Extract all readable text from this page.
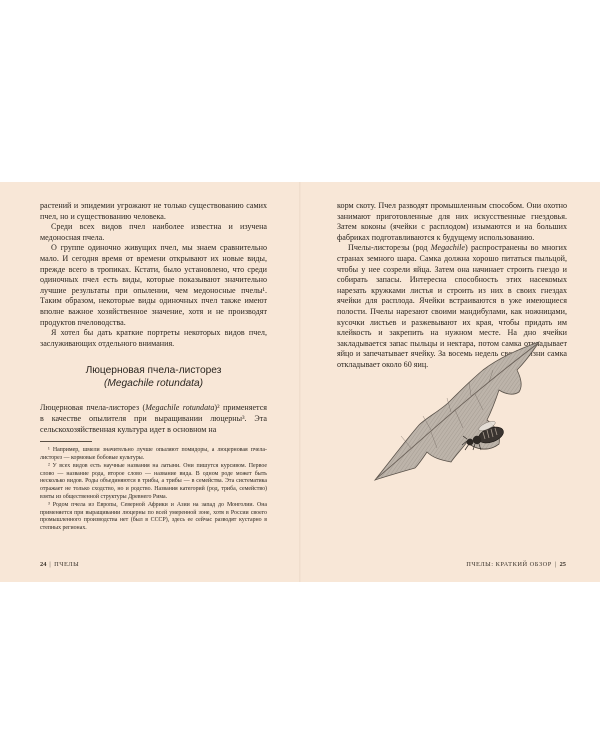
растений и эпидемии угрожают не только существованию самих пчел, но и существованию человека.

Среди всех видов пчел наиболее известна и изучена медоносная пчела.

О группе одиночно живущих пчел, мы знаем сравнительно мало. И сегодня время от времени открывают их новые виды, прежде всего в тропиках. Кстати, было установлено, что среди одиночных пчел есть виды, которые показывают значительно лучшие результаты при опылении, чем медоносные пчелы¹. Таким образом, некоторые виды одиночных пчел также имеют вполне важное хозяйственное значение, хотя и не производят продуктов пчеловодства.

Я хотел бы дать краткие портреты некоторых видов пчел, заслуживающих отдельного внимания.

Люцерновая пчела-листорез
(Megachile rotundata)

Люцерновая пчела-листорез (Megachile rotundata)² применяется в качестве опылителя при выращивании люцерны³. Эта сельскохозяйственная культура идет в основном на

¹ Например, шмели значительно лучше опыляют помидоры, а люцерновая пчела-листорез — кормовые бобовые культуры.

² У всех видов есть научные названия на латыни. Они пишутся курсивом. Первое слово — название рода, второе слово — название вида. В одном роде может быть несколько видов. Роды объединяются в трибы, а трибы — в семейства. Эта систематика отражает не только сходство, но и родство. Названия категорий (род, триба, семейство) взяты из общественной структуры Древнего Рима.

³ Родом пчела из Европы, Северной Африки и Азии на запад до Монголии. Она применяется при выращивании люцерны по всей умеренной зоне, хотя в России своего промышленного производства нет (был в СССР), здесь ее сейчас разводят кустарно в степных регионах.

24 | ПЧЕЛЫ

корм скоту. Пчел разводят промышленным способом. Они охотно занимают приготовленные для них искусственные гнездовья. Затем коконы (ячейки с расплодом) изымаются и на больших фабриках подготавливаются к будущему использованию.

Пчелы-листорезы (род Megachile) распространены во многих странах земного шара. Самка должна хорошо питаться пыльцой, чтобы у нее созрели яйца. Затем она начинает строить гнездо и собирать запасы. Интересна способность этих насекомых нарезать кружками листья и строить из них в своих гнездах ячейки для расплода. Ячейки встраиваются в уже имеющиеся полости. Пчелы нарезают своими мандибулами, как ножницами, кусочки листьев и разжевывают их края, чтобы придать им клейкость и закрепить на нужном месте. На дно ячейки закладывается запас пыльцы и нектара, потом самка откладывает яйцо и запечатывает ячейку. За восемь недель своей жизни самка откладывает около 60 яиц.

ПЧЕЛЫ: КРАТКИЙ ОБЗОР | 25
